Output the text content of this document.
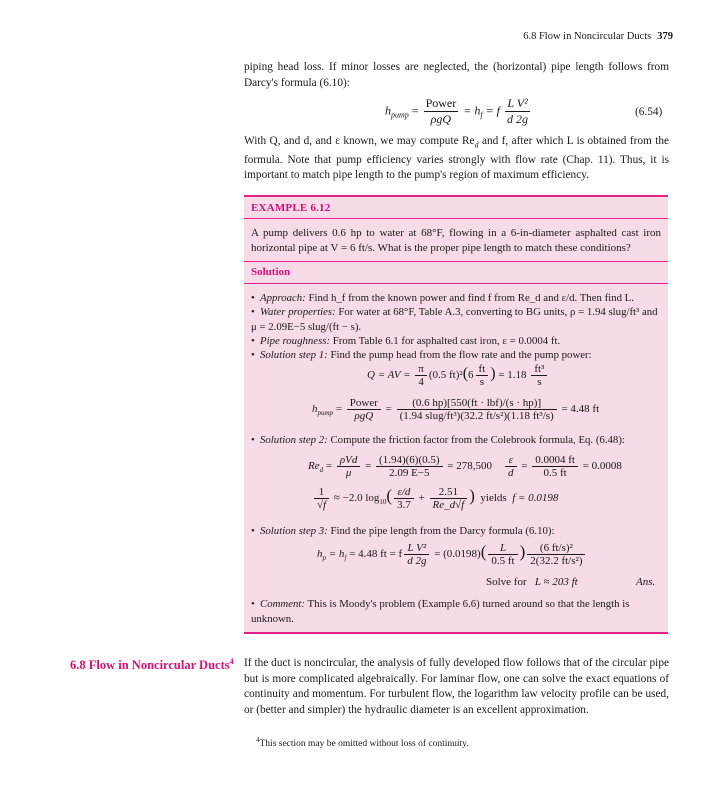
6.8 Flow in Noncircular Ducts 379
piping head loss. If minor losses are neglected, the (horizontal) pipe length follows from Darcy's formula (6.10):
$h_{pump} = \frac{\text{Power}}{\text{ρgQ}} = h_f = f \frac{\text{L V²}}{d 2g}$	(6.54)
With Q, and d, and ε known, we may compute $Re_d$ and f, after which L is obtained from the formula. Note that pump efficiency varies strongly with flow rate (Chap. 11). Thus, it is important to match pipe length to the pump's region of maximum efficiency.
EXAMPLE 6.12
A pump delivers 0.6 hp to water at 68°F, flowing in a 6-in-diameter asphalted cast iron horizontal pipe at V = 6 ft/s. What is the proper pipe length to match these conditions?
Solution
• Approach: Find h_f from the known power and find f from Re_d and ε/d. Then find L.
• Water properties: For water at 68°F, Table A.3, converting to BG units, ρ = 1.94 slug/ft³ and μ = 2.09E−5 slug/(ft − s).
• Pipe roughness: From Table 6.1 for asphalted cast iron, ε = 0.0004 ft.
• Solution step 1: Find the pump head from the flow rate and the pump power:
Q = AV = $\frac{\pi}{4} (0.5$ $ft)^2(6 \frac{ft}{s}$ ) = $1.18 \frac{\text{ft³}}{s}$
$h_{pump} = \frac{\text{Power}}{\text{ρgQ}} = \frac{\text{(0.6 hp)[550(ft · lbf)/(s · hp)]}}{\text{(1.94 slug/ft³)(32.2 ft/s²)(1.18 ft³/s)}} = 4.48$ ft
• Solution step 2: Compute the friction factor from the Colebrook formula, Eq. (6.48):
$Re_d = \frac{\text{ρVd}}{\mu} = \frac{(1.94)(6)(0.5)}{2.09 E-5} = 278,500 \frac{\varepsilon}{d} = \frac{0.0004 ft}{0.5 ft} = 0.0008$
$\frac{1}{√f} \approx -2.0$ $\log_{10}( \frac{\varepsilon/d}{3.7} + \frac{2.51}{Re\_d√f}$ ) yields f = 0.0198
• Solution step 3: Find the pipe length from the Darcy formula (6.10):
$h_p = h_f = 4.48$ ft = f $\frac{\text{L V²}}{d 2g} = (0.0198)( \frac{L}{0.5 ft}$ ) $\frac{\text{(6 ft/s)²}}{\text{2(32.2 ft/s²)}}$
Solve for L ≈ 203 ft	Ans.
• Comment: This is Moody's problem (Example 6.6) turned around so that the length is unknown.
6.8 Flow in Noncircular Ducts$^4$ If the duct is noncircular, the analysis of fully developed flow follows that of the circular pipe but is more complicated algebraically. For laminar flow, one can solve the exact equations of continuity and momentum. For turbulent flow, the logarithm law velocity profile can be used, or (better and simpler) the hydraulic diameter is an excellent approximation.
$^4$This section may be omitted without loss of continuity.
